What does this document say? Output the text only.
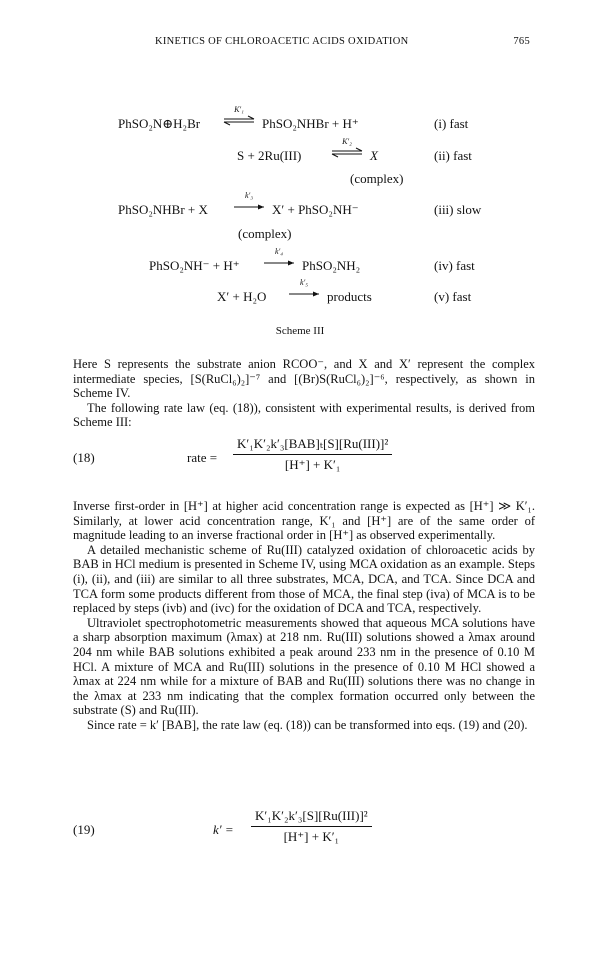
KINETICS OF CHLOROACETIC ACIDS OXIDATION	765
PhSO₂N⊕H₂Br
K′₁
PhSO₂NHBr + H⁺	(i) fast
S + 2Ru(III)
K′₂
X	(ii) fast
(complex)
PhSO₂NHBr + X
k′₃
X′ + PhSO₂NH⁻	(iii) slow
(complex)
PhSO₂NH⁻ + H⁺
k′₄
PhSO₂NH₂	(iv) fast
X′ + H₂O
k′₅
products	(v) fast
Scheme III

Here S represents the substrate anion RCOO⁻, and X and X′ represent the complex intermediate species, [S(RuCl₆)₂]⁻⁷ and [(Br)S(RuCl₆)₂]⁻⁶, respectively, as shown in Scheme IV.

The following rate law (eq. (18)), consistent with experimental results, is derived from Scheme III:

(18)	rate =
K′₁K′₂k′₃[BAB]ₜ[S][Ru(III)]²
[H⁺] + K′₁

Inverse first-order in [H⁺] at higher acid concentration range is expected as [H⁺] ≫ K′₁. Similarly, at lower acid concentration range, K′₁ and [H⁺] are of the same order of magnitude leading to an inverse fractional order in [H⁺] as observed experimentally.

A detailed mechanistic scheme of Ru(III) catalyzed oxidation of chloroacetic acids by BAB in HCl medium is presented in Scheme IV, using MCA oxidation as an example. Steps (i), (ii), and (iii) are similar to all three substrates, MCA, DCA, and TCA. Since DCA and TCA form some products different from those of MCA, the final step (iva) of MCA is to be replaced by steps (ivb) and (ivc) for the oxidation of DCA and TCA, respectively.

Ultraviolet spectrophotometric measurements showed that aqueous MCA solutions have a sharp absorption maximum (λmax) at 218 nm. Ru(III) solutions showed a λmax around 204 nm while BAB solutions exhibited a peak around 233 nm in the presence of 0.10 M HCl. A mixture of MCA and Ru(III) solutions in the presence of 0.10 M HCl showed a λmax at 224 nm while for a mixture of BAB and Ru(III) solutions there was no change in the λmax at 233 nm indicating that the complex formation occurred only between the substrate (S) and Ru(III).

Since rate = k′ [BAB], the rate law (eq. (18)) can be transformed into eqs. (19) and (20).

(19)	k′ =
K′₁K′₂k′₃[S][Ru(III)]²
[H⁺] + K′₁
